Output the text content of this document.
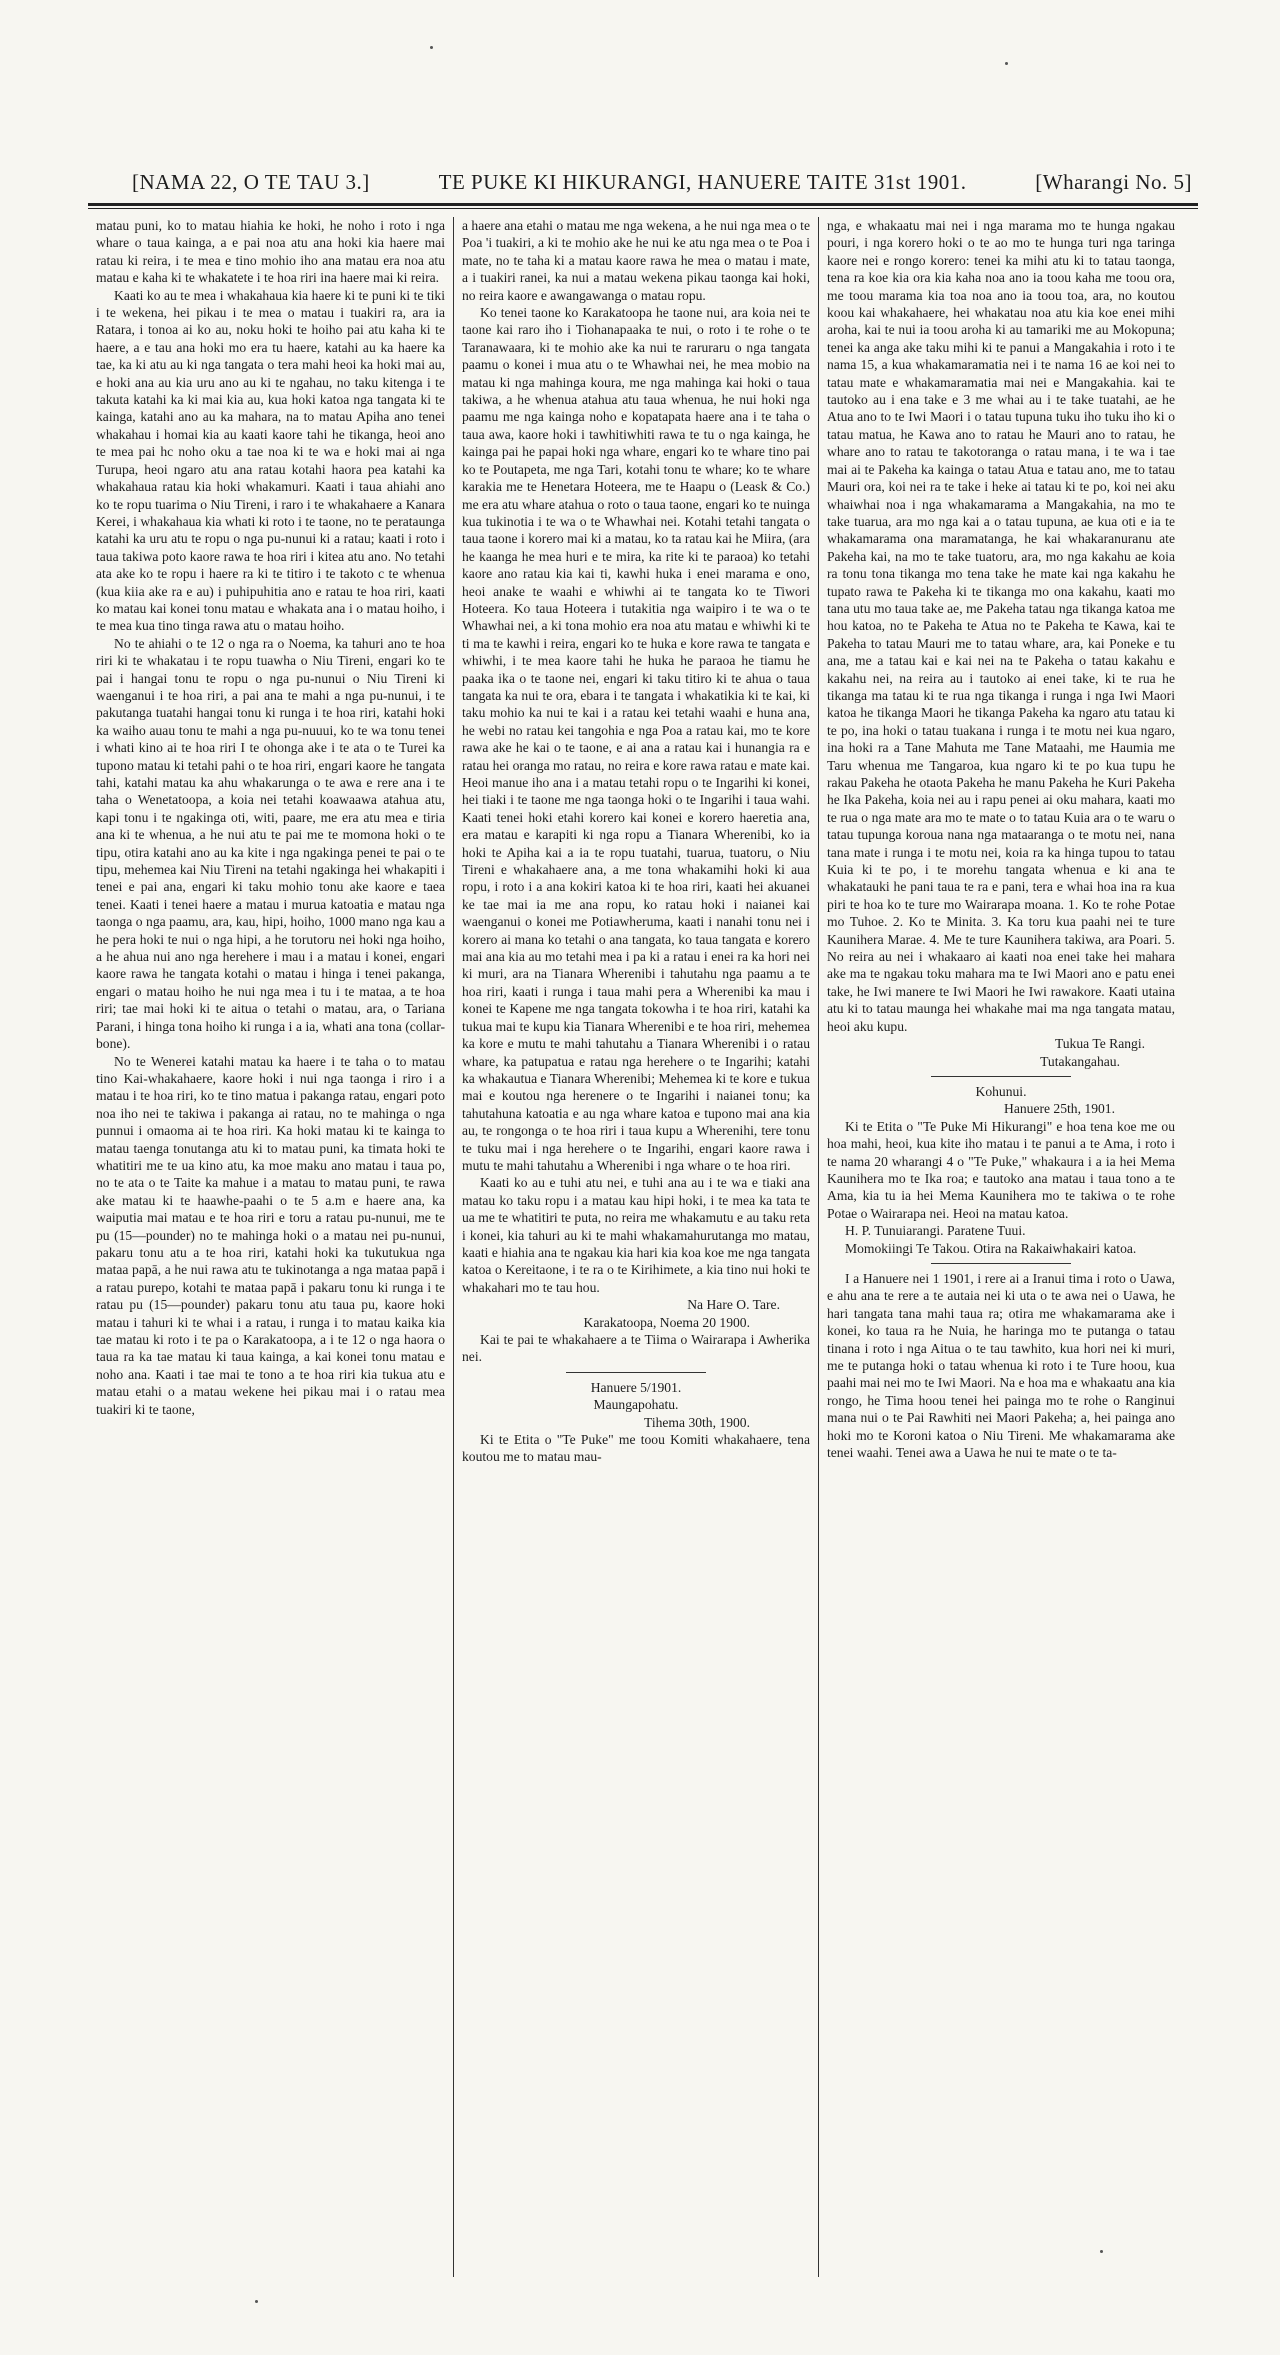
[NAMA 22, O TE TAU 3.]	TE PUKE KI HIKURANGI, HANUERE TAITE 31st 1901.	[Wharangi No. 5]

matau puni, ko to matau hiahia ke hoki, he noho i roto i nga whare o taua kainga, a e pai noa atu ana hoki kia haere mai ratau ki reira, i te mea e tino mohio iho ana matau era noa atu matau e kaha ki te whakatete i te hoa riri ina haere mai ki reira.

Kaati ko au te mea i whakahaua kia haere ki te puni ki te tiki i te wekena, hei pikau i te mea o matau i tuakiri ra, ara ia Ratara, i tonoa ai ko au, noku hoki te hoiho pai atu kaha ki te haere, a e tau ana hoki mo era tu haere, katahi au ka haere ka tae, ka ki atu au ki nga tangata o tera mahi heoi ka hoki mai au, e hoki ana au kia uru ano au ki te ngahau, no taku kitenga i te takuta katahi ka ki mai kia au, kua hoki katoa nga tangata ki te kainga, katahi ano au ka mahara, na to matau Apiha ano tenei whakahau i homai kia au kaati kaore tahi he tikanga, heoi ano te mea pai hc noho oku a tae noa ki te wa e hoki mai ai nga Turupa, heoi ngaro atu ana ratau kotahi haora pea katahi ka whakahaua ratau kia hoki whakamuri. Kaati i taua ahiahi ano ko te ropu tuarima o Niu Tireni, i raro i te whakahaere a Kanara Kerei, i whakahaua kia whati ki roto i te taone, no te perataunga katahi ka uru atu te ropu o nga pu-nunui ki a ratau; kaati i roto i taua takiwa poto kaore rawa te hoa riri i kitea atu ano. No tetahi ata ake ko te ropu i haere ra ki te titiro i te takoto c te whenua (kua kiia ake ra e au) i puhipuhitia ano e ratau te hoa riri, kaati ko matau kai konei tonu matau e whakata ana i o matau hoiho, i te mea kua tino tinga rawa atu o matau hoiho.

No te ahiahi o te 12 o nga ra o Noema, ka tahuri ano te hoa riri ki te whakatau i te ropu tuawha o Niu Tireni, engari ko te pai i hangai tonu te ropu o nga pu-nunui o Niu Tireni ki waenganui i te hoa riri, a pai ana te mahi a nga pu-nunui, i te pakutanga tuatahi hangai tonu ki runga i te hoa riri, katahi hoki ka waiho auau tonu te mahi a nga pu-nuuui, ko te wa tonu tenei i whati kino ai te hoa riri I te ohonga ake i te ata o te Turei ka tupono matau ki tetahi pahi o te hoa riri, engari kaore he tangata tahi, katahi matau ka ahu whakarunga o te awa e rere ana i te taha o Wenetatoopa, a koia nei tetahi koawaawa atahua atu, kapi tonu i te ngakinga oti, witi, paare, me era atu mea e tiria ana ki te whenua, a he nui atu te pai me te momona hoki o te tipu, otira katahi ano au ka kite i nga ngakinga penei te pai o te tipu, mehemea kai Niu Tireni na tetahi ngakinga hei whakapiti i tenei e pai ana, engari ki taku mohio tonu ake kaore e taea tenei. Kaati i tenei haere a matau i murua katoatia e matau nga taonga o nga paamu, ara, kau, hipi, hoiho, 1000 mano nga kau a he pera hoki te nui o nga hipi, a he torutoru nei hoki nga hoiho, a he ahua nui ano nga herehere i mau i a matau i konei, engari kaore rawa he tangata kotahi o matau i hinga i tenei pakanga, engari o matau hoiho he nui nga mea i tu i te mataa, a te hoa riri; tae mai hoki ki te aitua o tetahi o matau, ara, o Tariana Parani, i hinga tona hoiho ki runga i a ia, whati ana tona (collar-bone).

No te Wenerei katahi matau ka haere i te taha o to matau tino Kai-whakahaere, kaore hoki i nui nga taonga i riro i a matau i te hoa riri, ko te tino matua i pakanga ratau, engari poto noa iho nei te takiwa i pakanga ai ratau, no te mahinga o nga punnui i omaoma ai te hoa riri. Ka hoki matau ki te kainga to matau taenga tonutanga atu ki to matau puni, ka timata hoki te whatitiri me te ua kino atu, ka moe maku ano matau i taua po, no te ata o te Taite ka mahue i a matau to matau puni, te rawa ake matau ki te haawhe-paahi o te 5 a.m e haere ana, ka waiputia mai matau e te hoa riri e toru a ratau pu-nunui, me te pu (15—pounder) no te mahinga hoki o a matau nei pu-nunui, pakaru tonu atu a te hoa riri, katahi hoki ka tukutukua nga mataa papā, a he nui rawa atu te tukinotanga a nga mataa papā i a ratau purepo, kotahi te mataa papā i pakaru tonu ki runga i te ratau pu (15—pounder) pakaru tonu atu taua pu, kaore hoki matau i tahuri ki te whai i a ratau, i runga i to matau kaika kia tae matau ki roto i te pa o Karakatoopa, a i te 12 o nga haora o taua ra ka tae matau ki taua kainga, a kai konei tonu matau e noho ana. Kaati i tae mai te tono a te hoa riri kia tukua atu e matau etahi o a matau wekene hei pikau mai i o ratau mea tuakiri ki te taone,

a haere ana etahi o matau me nga wekena, a he nui nga mea o te Poa 'i tuakiri, a ki te mohio ake he nui ke atu nga mea o te Poa i mate, no te taha ki a matau kaore rawa he mea o matau i mate, a i tuakiri ranei, ka nui a matau wekena pikau taonga kai hoki, no reira kaore e awangawanga o matau ropu.

Ko tenei taone ko Karakatoopa he taone nui, ara koia nei te taone kai raro iho i Tiohanapaaka te nui, o roto i te rohe o te Taranawaara, ki te mohio ake ka nui te raruraru o nga tangata paamu o konei i mua atu o te Whawhai nei, he mea mobio na matau ki nga mahinga koura, me nga mahinga kai hoki o taua takiwa, a he whenua atahua atu taua whenua, he nui hoki nga paamu me nga kainga noho e kopatapata haere ana i te taha o taua awa, kaore hoki i tawhitiwhiti rawa te tu o nga kainga, he kainga pai he papai hoki nga whare, engari ko te whare tino pai ko te Poutapeta, me nga Tari, kotahi tonu te whare; ko te whare karakia me te Henetara Hoteera, me te Haapu o (Leask & Co.) me era atu whare atahua o roto o taua taone, engari ko te nuinga kua tukinotia i te wa o te Whawhai nei. Kotahi tetahi tangata o taua taone i korero mai ki a matau, ko ta ratau kai he Miira, (ara he kaanga he mea huri e te mira, ka rite ki te paraoa) ko tetahi kaore ano ratau kia kai ti, kawhi huka i enei marama e ono, heoi anake te waahi e whiwhi ai te tangata ko te Tiwori Hoteera. Ko taua Hoteera i tutakitia nga waipiro i te wa o te Whawhai nei, a ki tona mohio era noa atu matau e whiwhi ki te ti ma te kawhi i reira, engari ko te huka e kore rawa te tangata e whiwhi, i te mea kaore tahi he huka he paraoa he tiamu he paaka ika o te taone nei, engari ki taku titiro ki te ahua o taua tangata ka nui te ora, ebara i te tangata i whakatikia ki te kai, ki taku mohio ka nui te kai i a ratau kei tetahi waahi e huna ana, he webi no ratau kei tangohia e nga Poa a ratau kai, mo te kore rawa ake he kai o te taone, e ai ana a ratau kai i hunangia ra e ratau hei oranga mo ratau, no reira e kore rawa ratau e mate kai. Heoi manue iho ana i a matau tetahi ropu o te Ingarihi ki konei, hei tiaki i te taone me nga taonga hoki o te Ingarihi i taua wahi. Kaati tenei hoki etahi korero kai konei e korero haeretia ana, era matau e karapiti ki nga ropu a Tianara Wherenibi, ko ia hoki te Apiha kai a ia te ropu tuatahi, tuarua, tuatoru, o Niu Tireni e whakahaere ana, a me tona whakamihi hoki ki aua ropu, i roto i a ana kokiri katoa ki te hoa riri, kaati hei akuanei ke tae mai ia me ana ropu, ko ratau hoki i naianei kai waenganui o konei me Potiawheruma, kaati i nanahi tonu nei i korero ai mana ko tetahi o ana tangata, ko taua tangata e korero mai ana kia au mo tetahi mea i pa ki a ratau i enei ra ka hori nei ki muri, ara na Tianara Wherenibi i tahutahu nga paamu a te hoa riri, kaati i runga i taua mahi pera a Wherenibi ka mau i konei te Kapene me nga tangata tokowha i te hoa riri, katahi ka tukua mai te kupu kia Tianara Wherenibi e te hoa riri, mehemea ka kore e mutu te mahi tahutahu a Tianara Wherenibi i o ratau whare, ka patupatua e ratau nga herehere o te Ingarihi; katahi ka whakautua e Tianara Wherenibi; Mehemea ki te kore e tukua mai e koutou nga herenere o te Ingarihi i naianei tonu; ka tahutahuna katoatia e au nga whare katoa e tupono mai ana kia au, te rongonga o te hoa riri i taua kupu a Wherenihi, tere tonu te tuku mai i nga herehere o te Ingarihi, engari kaore rawa i mutu te mahi tahutahu a Wherenibi i nga whare o te hoa riri.

Kaati ko au e tuhi atu nei, e tuhi ana au i te wa e tiaki ana matau ko taku ropu i a matau kau hipi hoki, i te mea ka tata te ua me te whatitiri te puta, no reira me whakamutu e au taku reta i konei, kia tahuri au ki te mahi whakamahurutanga mo matau, kaati e hiahia ana te ngakau kia hari kia koa koe me nga tangata katoa o Kereitaone, i te ra o te Kirihimete, a kia tino nui hoki te whakahari mo te tau hou.

Na Hare O. Tare.

Karakatoopa, Noema 20 1900.

Kai te pai te whakahaere a te Tiima o Wairarapa i Awherika nei.

Hanuere 5/1901.

Maungapohatu.

Tihema 30th, 1900.

Ki te Etita o "Te Puke" me toou Komiti whakahaere, tena koutou me to matau mau-

nga, e whakaatu mai nei i nga marama mo te hunga ngakau pouri, i nga korero hoki o te ao mo te hunga turi nga taringa kaore nei e rongo korero: tenei ka mihi atu ki to tatau taonga, tena ra koe kia ora kia kaha noa ano ia toou kaha me toou ora, me toou marama kia toa noa ano ia toou toa, ara, no koutou koou kai whakahaere, hei whakatau noa atu kia koe enei mihi aroha, kai te nui ia toou aroha ki au tamariki me au Mokopuna; tenei ka anga ake taku mihi ki te panui a Mangakahia i roto i te nama 15, a kua whakamaramatia nei i te nama 16 ae koi nei to tatau mate e whakamaramatia mai nei e Mangakahia. kai te tautoko au i ena take e 3 me whai au i te take tuatahi, ae he Atua ano to te Iwi Maori i o tatau tupuna tuku iho tuku iho ki o tatau matua, he Kawa ano to ratau he Mauri ano to ratau, he whare ano to ratau te takotoranga o ratau mana, i te wa i tae mai ai te Pakeha ka kainga o tatau Atua e tatau ano, me to tatau Mauri ora, koi nei ra te take i heke ai tatau ki te po, koi nei aku whaiwhai noa i nga whakamarama a Mangakahia, na mo te take tuarua, ara mo nga kai a o tatau tupuna, ae kua oti e ia te whakamarama ona maramatanga, he kai whakaranuranu ate Pakeha kai, na mo te take tuatoru, ara, mo nga kakahu ae koia ra tonu tona tikanga mo tena take he mate kai nga kakahu he tupato rawa te Pakeha ki te tikanga mo ona kakahu, kaati mo tana utu mo taua take ae, me Pakeha tatau nga tikanga katoa me hou katoa, no te Pakeha te Atua no te Pakeha te Kawa, kai te Pakeha to tatau Mauri me to tatau whare, ara, kai Poneke e tu ana, me a tatau kai e kai nei na te Pakeha o tatau kakahu e kakahu nei, na reira au i tautoko ai enei take, ki te rua he tikanga ma tatau ki te rua nga tikanga i runga i nga Iwi Maori katoa he tikanga Maori he tikanga Pakeha ka ngaro atu tatau ki te po, ina hoki o tatau tuakana i runga i te motu nei kua ngaro, ina hoki ra a Tane Mahuta me Tane Mataahi, me Haumia me Taru whenua me Tangaroa, kua ngaro ki te po kua tupu he rakau Pakeha he otaota Pakeha he manu Pakeha he Kuri Pakeha he Ika Pakeha, koia nei au i rapu penei ai oku mahara, kaati mo te rua o nga mate ara mo te mate o to tatau Kuia ara o te waru o tatau tupunga koroua nana nga mataaranga o te motu nei, nana tana mate i runga i te motu nei, koia ra ka hinga tupou to tatau Kuia ki te po, i te morehu tangata whenua e ki ana te whakatauki he pani taua te ra e pani, tera e whai hoa ina ra kua piri te hoa ko te ture mo Wairarapa moana. 1. Ko te rohe Potae mo Tuhoe. 2. Ko te Minita. 3. Ka toru kua paahi nei te ture Kaunihera Marae. 4. Me te ture Kaunihera takiwa, ara Poari. 5. No reira au nei i whakaaro ai kaati noa enei take hei mahara ake ma te ngakau toku mahara ma te Iwi Maori ano e patu enei take, he Iwi manere te Iwi Maori he Iwi rawakore. Kaati utaina atu ki to tatau maunga hei whakahe mai ma nga tangata matau, heoi aku kupu.

Tukua Te Rangi.

Tutakangahau.

Kohunui.

Hanuere 25th, 1901.

Ki te Etita o "Te Puke Mi Hikurangi" e hoa tena koe me ou hoa mahi, heoi, kua kite iho matau i te panui a te Ama, i roto i te nama 20 wharangi 4 o "Te Puke," whakaura i a ia hei Mema Kaunihera mo te Ika roa; e tautoko ana matau i taua tono a te Ama, kia tu ia hei Mema Kaunihera mo te takiwa o te rohe Potae o Wairarapa nei. Heoi na matau katoa.

H. P. Tunuiarangi. Paratene Tuui.

Momokiingi Te Takou. Otira na Rakaiwhakairi katoa.

I a Hanuere nei 1 1901, i rere ai a Iranui tima i roto o Uawa, e ahu ana te rere a te autaia nei ki uta o te awa nei o Uawa, he hari tangata tana mahi taua ra; otira me whakamarama ake i konei, ko taua ra he Nuia, he haringa mo te putanga o tatau tinana i roto i nga Aitua o te tau tawhito, kua hori nei ki muri, me te putanga hoki o tatau whenua ki roto i te Ture hoou, kua paahi mai nei mo te Iwi Maori. Na e hoa ma e whakaatu ana kia rongo, he Tima hoou tenei hei painga mo te rohe o Ranginui mana nui o te Pai Rawhiti nei Maori Pakeha; a, hei painga ano hoki mo te Koroni katoa o Niu Tireni. Me whakamarama ake tenei waahi. Tenei awa a Uawa he nui te mate o te ta-
